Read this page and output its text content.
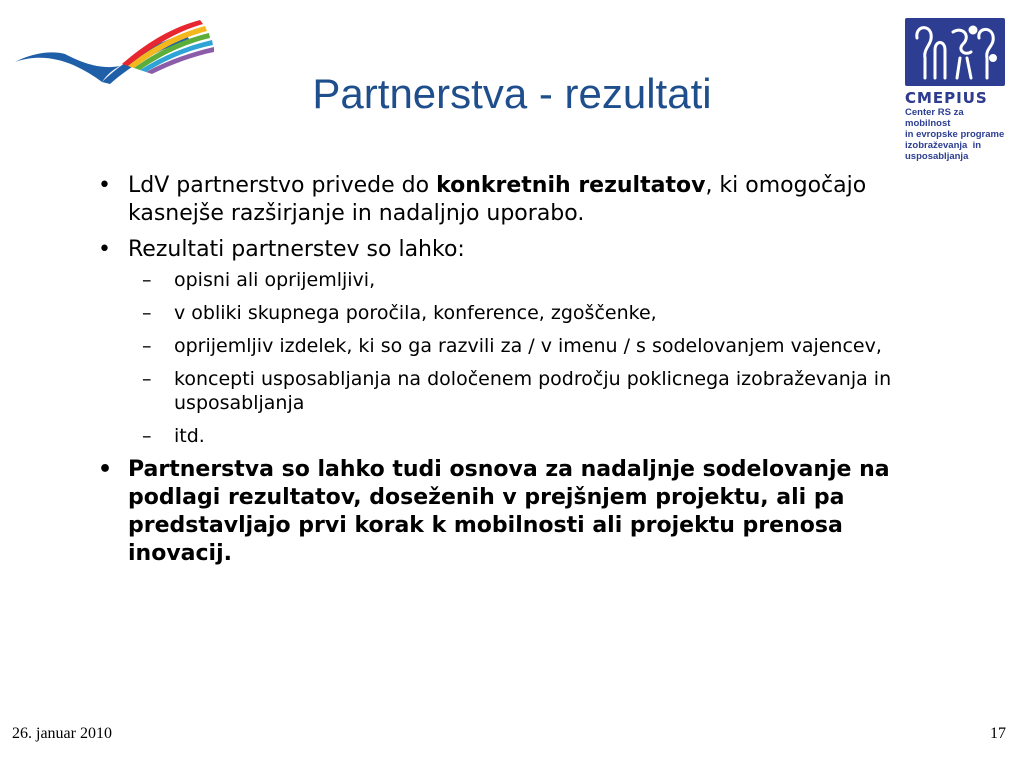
Partnerstva - rezultati	CMEPIUS
Center RS za mobilnost
in evropske programe
izobraževanja  in
usposabljanja
• LdV partnerstvo privede do konkretnih rezultatov, ki omogočajo kasnejše razširjanje in nadaljnjo uporabo.
• Rezultati partnerstev so lahko:
– opisni ali oprijemljivi,
– v obliki skupnega poročila, konference, zgoščenke,
– oprijemljiv izdelek, ki so ga razvili za / v imenu / s sodelovanjem vajencev,
– koncepti usposabljanja na določenem področju poklicnega izobraževanja in usposabljanja
– itd.
• Partnerstva so lahko tudi osnova za nadaljnje sodelovanje na podlagi rezultatov, doseženih v prejšnjem projektu, ali pa predstavljajo prvi korak k mobilnosti ali projektu prenosa inovacij.
26. januar 2010	17
